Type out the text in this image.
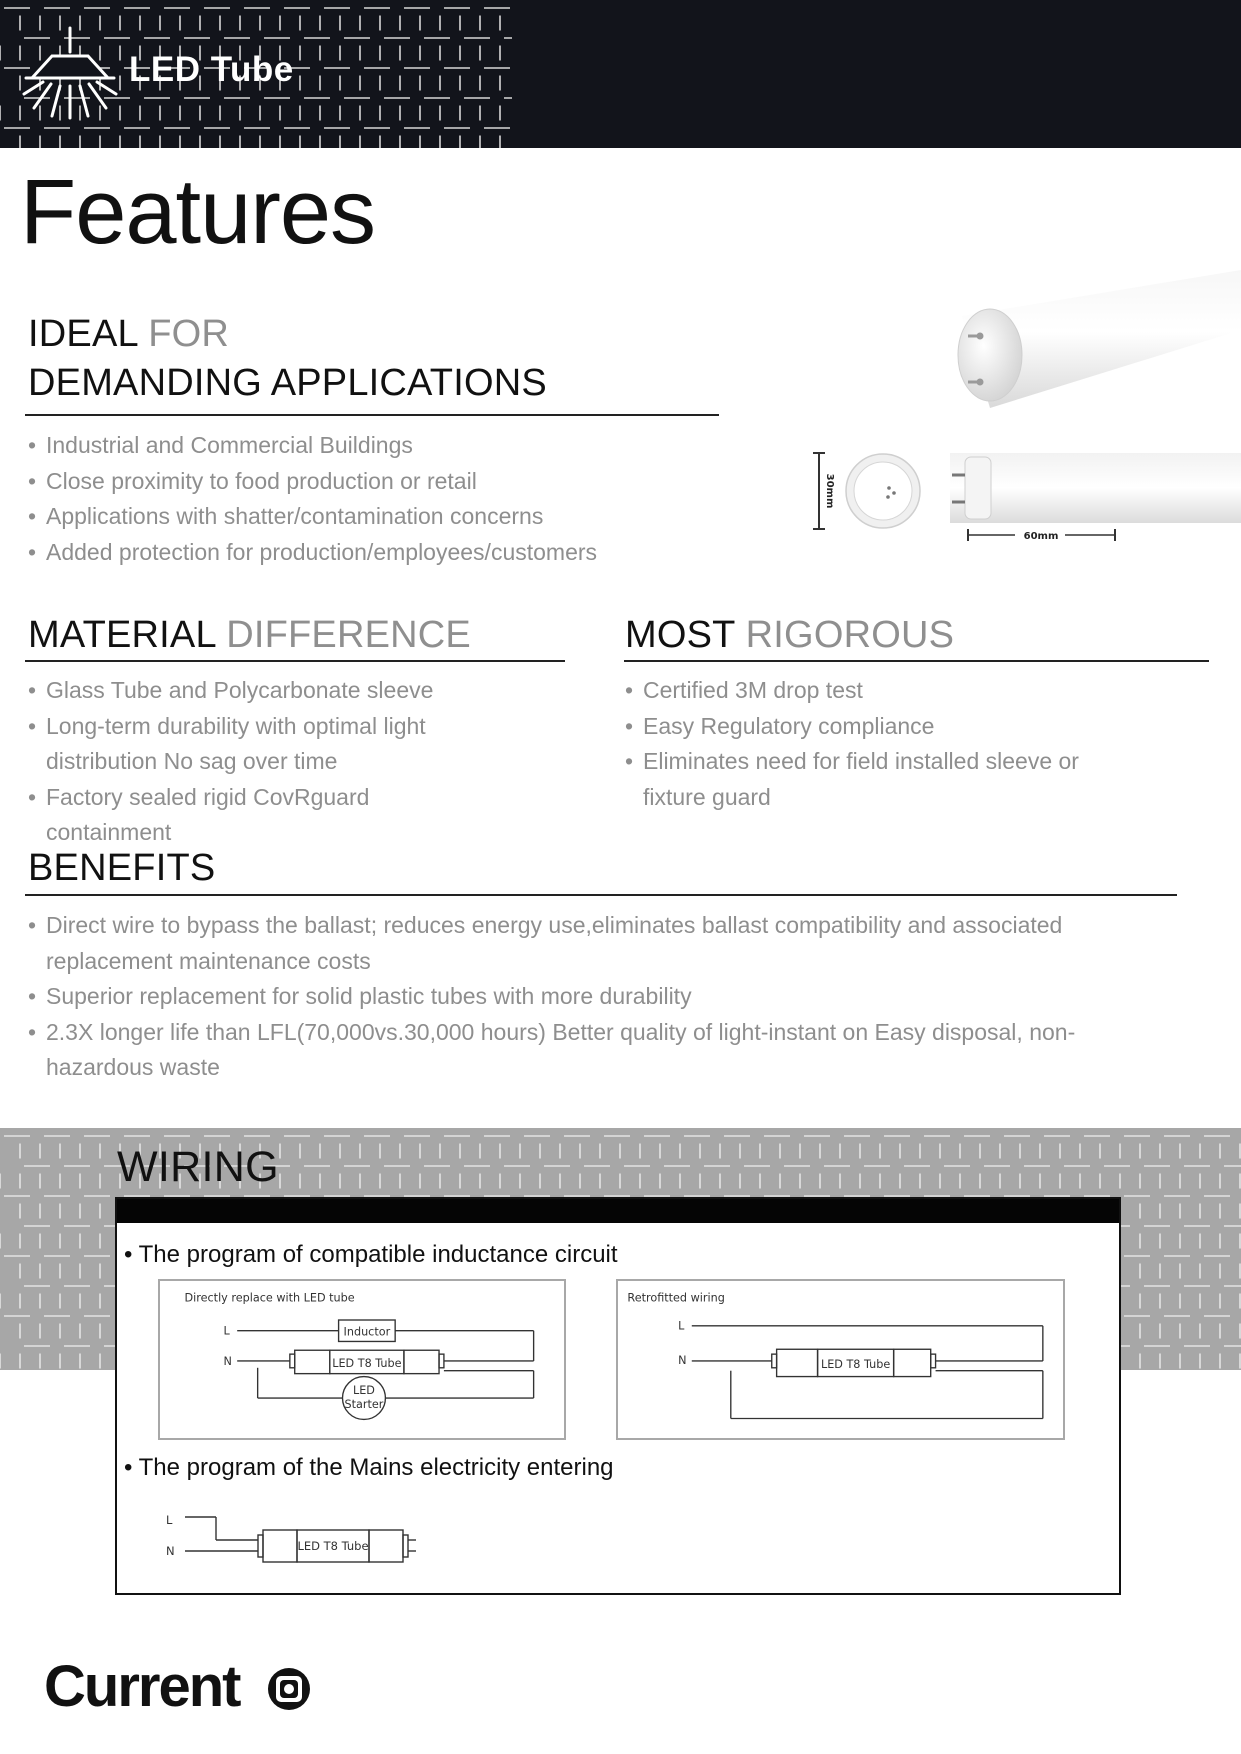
LED Tube
Features
IDEAL FOR
DEMANDING APPLICATIONS
• Industrial and Commercial Buildings
• Close proximity to food production or retail
• Applications with shatter/contamination concerns
• Added protection for production/employees/customers
30mm
60mm
MATERIAL DIFFERENCE
• Glass Tube and Polycarbonate sleeve
• Long-term durability with optimal light distribution No sag over time
• Factory sealed rigid CovRguard containment
MOST RIGOROUS
• Certified 3M drop test
• Easy Regulatory compliance
• Eliminates need for field installed sleeve or fixture guard
BENEFITS
• Direct wire to bypass the ballast; reduces energy use,eliminates ballast compatibility and associated replacement maintenance costs
• Superior replacement for solid plastic tubes with more durability
• 2.3X longer life than LFL(70,000vs.30,000 hours) Better quality of light-instant on Easy disposal, non-hazardous waste
WIRING
• The program of compatible inductance circuit
Directly replace with LED tube
L
N
Inductor
LED T8 Tube
LED
Starter
Retrofitted wiring
L
N	LED T8 Tube
• The program of the Mains electricity entering
L
N	LED T8 Tube
Current
